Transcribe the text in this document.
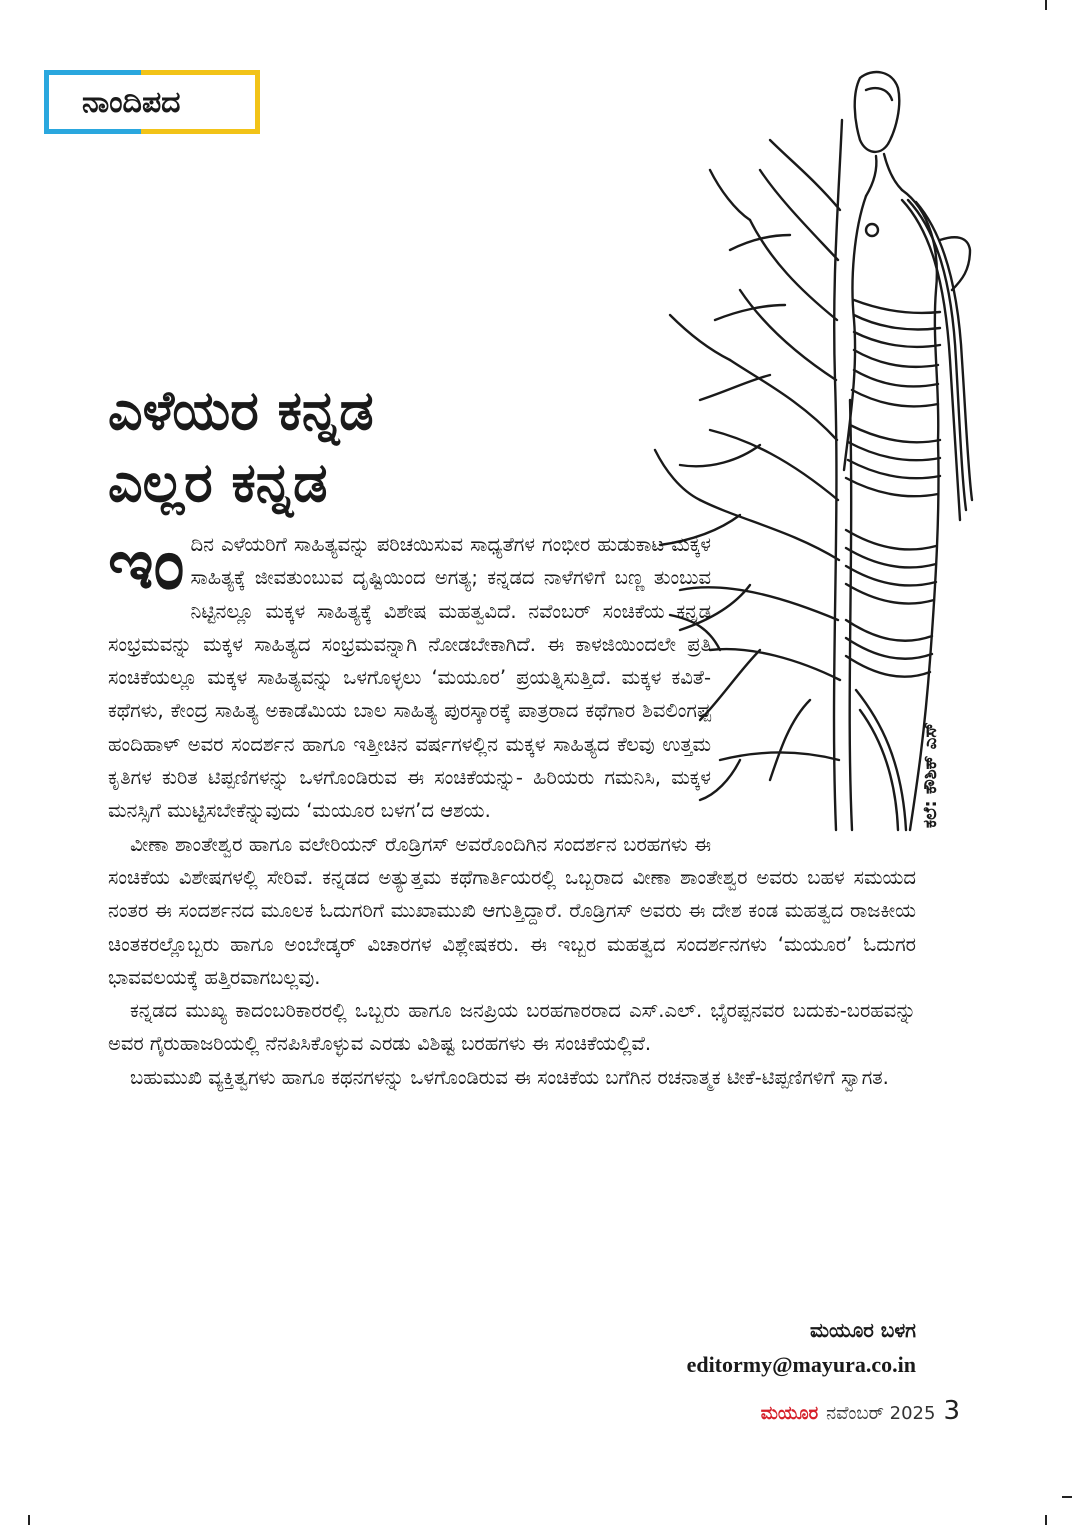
ನಾಂದಿಪದ
ಕಲೆ: ಕೌಶಿಕ್ ಎಸ್
ಎಳೆಯರ ಕನ್ನಡ
ಎಲ್ಲರ ಕನ್ನಡ

ಇಂದಿನ ಎಳೆಯರಿಗೆ ಸಾಹಿತ್ಯವನ್ನು ಪರಿಚಯಿಸುವ ಸಾಧ್ಯತೆಗಳ ಗಂಭೀರ ಹುಡುಕಾಟ ಮಕ್ಕಳ ಸಾಹಿತ್ಯಕ್ಕೆ ಜೀವತುಂಬುವ ದೃಷ್ಟಿಯಿಂದ ಅಗತ್ಯ; ಕನ್ನಡದ ನಾಳೆಗಳಿಗೆ ಬಣ್ಣ ತುಂಬುವ ನಿಟ್ಟಿನಲ್ಲೂ ಮಕ್ಕಳ ಸಾಹಿತ್ಯಕ್ಕೆ ವಿಶೇಷ ಮಹತ್ವವಿದೆ. ನವೆಂಬರ್ ಸಂಚಿಕೆಯ ಕನ್ನಡ ಸಂಭ್ರಮವನ್ನು ಮಕ್ಕಳ ಸಾಹಿತ್ಯದ ಸಂಭ್ರಮವನ್ನಾಗಿ ನೋಡಬೇಕಾಗಿದೆ. ಈ ಕಾಳಜಿಯಿಂದಲೇ ಪ್ರತಿ ಸಂಚಿಕೆಯಲ್ಲೂ ಮಕ್ಕಳ ಸಾಹಿತ್ಯವನ್ನು ಒಳಗೊಳ್ಳಲು ‘ಮಯೂರ’ ಪ್ರಯತ್ನಿಸುತ್ತಿದೆ. ಮಕ್ಕಳ ಕವಿತೆ- ಕಥೆಗಳು, ಕೇಂದ್ರ ಸಾಹಿತ್ಯ ಅಕಾಡೆಮಿಯ ಬಾಲ ಸಾಹಿತ್ಯ ಪುರಸ್ಕಾರಕ್ಕೆ ಪಾತ್ರರಾದ ಕಥೆಗಾರ ಶಿವಲಿಂಗಪ್ಪ ಹಂದಿಹಾಳ್ ಅವರ ಸಂದರ್ಶನ ಹಾಗೂ ಇತ್ತೀಚಿನ ವರ್ಷಗಳಲ್ಲಿನ ಮಕ್ಕಳ ಸಾಹಿತ್ಯದ ಕೆಲವು ಉತ್ತಮ ಕೃತಿಗಳ ಕುರಿತ ಟಿಪ್ಪಣಿಗಳನ್ನು ಒಳಗೊಂಡಿರುವ ಈ ಸಂಚಿಕೆಯನ್ನು- ಹಿರಿಯರು ಗಮನಿಸಿ, ಮಕ್ಕಳ ಮನಸ್ಸಿಗೆ ಮುಟ್ಟಿಸಬೇಕೆನ್ನುವುದು ‘ಮಯೂರ ಬಳಗ’ದ ಆಶಯ.

ವೀಣಾ ಶಾಂತೇಶ್ವರ ಹಾಗೂ ವಲೇರಿಯನ್ ರೊಡ್ರಿಗಸ್ ಅವರೊಂದಿಗಿನ ಸಂದರ್ಶನ ಬರಹಗಳು ಈ ಸಂಚಿಕೆಯ ವಿಶೇಷಗಳಲ್ಲಿ ಸೇರಿವೆ. ಕನ್ನಡದ ಅತ್ಯುತ್ತಮ ಕಥೆಗಾರ್ತಿಯರಲ್ಲಿ ಒಬ್ಬರಾದ ವೀಣಾ ಶಾಂತೇಶ್ವರ ಅವರು ಬಹಳ ಸಮಯದ ನಂತರ ಈ ಸಂದರ್ಶನದ ಮೂಲಕ ಓದುಗರಿಗೆ ಮುಖಾಮುಖಿ ಆಗುತ್ತಿದ್ದಾರೆ. ರೊಡ್ರಿಗಸ್ ಅವರು ಈ ದೇಶ ಕಂಡ ಮಹತ್ವದ ರಾಜಕೀಯ ಚಿಂತಕರಲ್ಲೊಬ್ಬರು ಹಾಗೂ ಅಂಬೇಡ್ಕರ್ ವಿಚಾರಗಳ ವಿಶ್ಲೇಷಕರು. ಈ ಇಬ್ಬರ ಮಹತ್ವದ ಸಂದರ್ಶನಗಳು ‘ಮಯೂರ’ ಓದುಗರ ಭಾವವಲಯಕ್ಕೆ ಹತ್ತಿರವಾಗಬಲ್ಲವು.

ಕನ್ನಡದ ಮುಖ್ಯ ಕಾದಂಬರಿಕಾರರಲ್ಲಿ ಒಬ್ಬರು ಹಾಗೂ ಜನಪ್ರಿಯ ಬರಹಗಾರರಾದ ಎಸ್.ಎಲ್. ಭೈರಪ್ಪನವರ ಬದುಕು-ಬರಹವನ್ನು ಅವರ ಗೈರುಹಾಜರಿಯಲ್ಲಿ ನೆನಪಿಸಿಕೊಳ್ಳುವ ಎರಡು ವಿಶಿಷ್ಟ ಬರಹಗಳು ಈ ಸಂಚಿಕೆಯಲ್ಲಿವೆ.

ಬಹುಮುಖಿ ವ್ಯಕ್ತಿತ್ವಗಳು ಹಾಗೂ ಕಥನಗಳನ್ನು ಒಳಗೊಂಡಿರುವ ಈ ಸಂಚಿಕೆಯ ಬಗೆಗಿನ ರಚನಾತ್ಮಕ ಟೀಕೆ-ಟಿಪ್ಪಣಿಗಳಿಗೆ ಸ್ವಾಗತ.

ಮಯೂರ ಬಳಗ
editormy@mayura.co.in
ಮಯೂರ ನವೆಂಬರ್ 2025 3
